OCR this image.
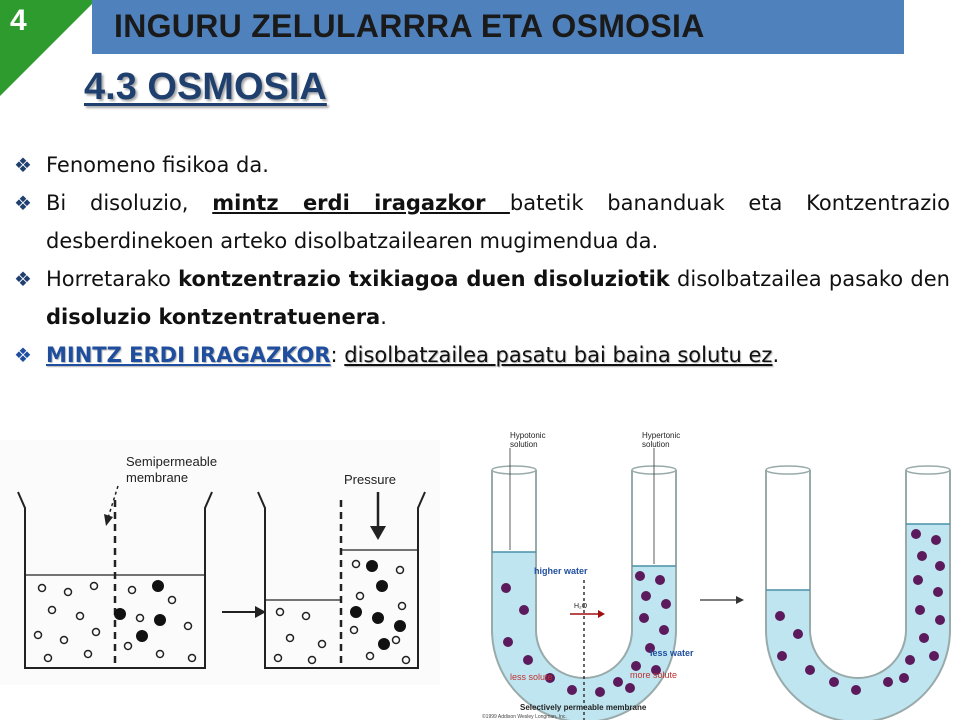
4	INGURU ZELULARRRA ETA OSMOSIA
4.3 OSMOSIA
❖ Fenomeno fisikoa da.
❖ Bi disoluzio, mintz erdi iragazkor batetik bananduak eta Kontzentrazio desberdinekoen arteko disolbatzailearen mugimendua da.
❖ Horretarako kontzentrazio txikiagoa duen disoluziotik disolbatzailea pasako den disoluzio kontzentratuenera.
❖ MINTZ ERDI IRAGAZKOR: disolbatzailea pasatu bai baina solutu ez.
Semipermeable
membrane	Pressure
Hypotonic
solution
Hypertonic
solution
higher water
H₂O
less water
less solute	more solute
Selectively permeable membrane
©1999 Addison Wesley Longman, Inc.
